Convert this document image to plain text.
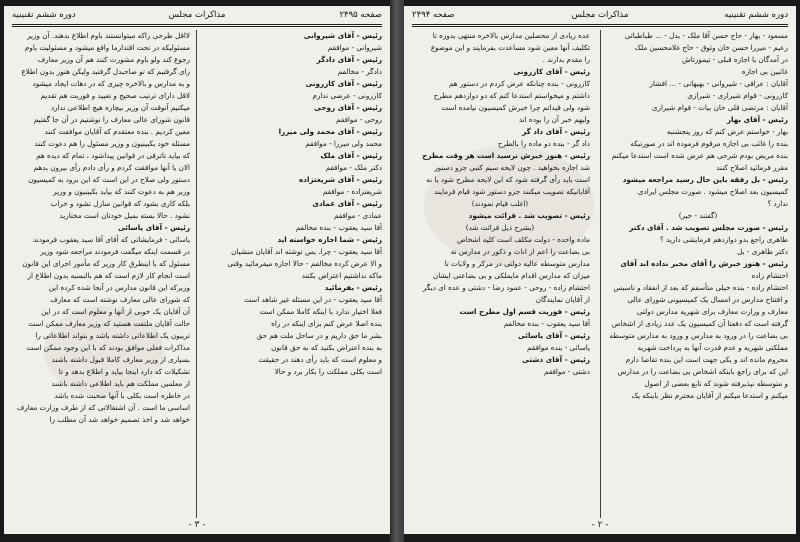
صفحه ۲۴۹۵
مذاکرات مجلس
دوره ششم تقنینیه
رئیس - آقای شیروانی
شیروانی - موافقم
رئیس - آقای دادگر
دادگر - مخالفم
رئیس - آقای کازرونی
کازرونی - عرضی ندارم
رئیس - آقای روحی
روحی - موافقم
رئیس - آقای محمد ولی میرزا
محمد ولی میرزا - موافقم
رئیس - آقای ملک
دکتر ملک - موافقم
رئیس - آقای شریعتزاده
شریعتزاده - موافقم
رئیس - آقای عمادی
عمادی - موافقم
آقا سید یعقوب - بنده مخالفم
رئیس - شما اجازه خواسته اید
آقا سید یعقوب - چرا. بس توشته اند آقایان منشیان
و الا عرض کرده مخالفم - حالا اجازه میفرمائید وقتی
ماکه نداشتیم اعتراض بکنند
رئیس - بفرمائید
آقا سید یعقوب - در این مسئله غیر شاهد است
فعلا اختیار ندارد با اینکه کاملا ممکن است
بنده اصلا عرض کنم برای اینکه در راه
بشر ما حق داریم و در ساحل ملت هم حق
به بنده اعتراض بکنید که به حق قانون
و معلوم است که باید رأی دهند در حقیقت
است بکلی مملکت را بکار برد و حالا
لااقل طرحی راکه میتوانستند باوم اطلاع بدهند. آن وزیر
مسئولیکه در تحت اقتدارما واقع میشود و مسئولیت باوم
رجوع کند ولو باوم مشورت کنند هم آن وزیر معارف
رای گرفتیم که تو صاحبدل گرفتید ولیکن هنوز بدون اطلاع
و به مدارس و بالاخره چیزی که در دهات ایجاد میشود
لاقل دارای ترتیب صحیح و تعیید و فوریت هم تقدیم
میکنیم آنوقت آن وزیر بیچاره هیچ اطلاعی ندارد
قانون شورای عالی معارف را نوشتیم در آن جا گفتیم
معین کردیم . بنده معتقدم که آقایان موافقت کنند
مسئله خود بکبینیون و وزیر مسئول را هم دعوت کنند
که بیاید تاترقی در قوانین پیداشود ، تمام که دیده هم
الان یا آنها موافقت کردم و رأی دادم رأی بیرون بدهم
دستور ولی صلاح در این است که این برود به کمیسیون
وزیر هم به دعوت کنند که بیاید بکبینیون و وزیر
بلکه کاری بشود که قوانین منازل نشود و خراب
نشود . حالا بسته بمیل خودتان است مختارید
رئیس - آقای یاسائی
یاسائی - فرمایشاتی که آقای آقا سید یعقوب فرمودند
در قسمت اینکه میگفت فرمودند مراجعه شود وزیر
مسئول که با اینطرق کار وزیر که مأمور اجرای این قانون
است انجام کار لازم است که هم بالنسبه بدون اطلاع از
وزیرکه این قانون مدارس در آنجا شده کرده این
که شورای عالی معارف نوشته است که معارف
آن آقایان یک خوبی از آنها و معلوم است که در این
حالت آقایان ملتفت هستید که وزیر معارف ممکن است
تریبون یک اطلاعاتی داشته باشد و بتواند اطلاعاتی را
مذاکرات فعلی موافق بودند که با این وجود ممکن است
بسیاری از وزیر معارف کاملا قبول داشته باشند
تشکیلات که دارد اینجا بیاید و اطلاع بدهد و تا
از معلمین مملکت هم باید اطلاعی داشته باشند
در خاطره است بکلی با آنها صحبت شده باشد
اساسی ما است . آن اشتغالاتی که از طرف وزارت معارف
خواهد شد و اخذ تصمیم خواهد شد آن مطلب را
- ۳ -
دوره ششم تقنینیه
مذاکرات مجلس
صفحه ۲۴۹۴
مسعود - بهار - حاج حسن آقا ملک - بدل - ... طباطبائی
زعیم - میرزا حسن خان وثوق - حاج غلامحسین ملک
در آمدگان با اجازه قبلی - تیمورتاش
غائبین بی اجازه
آقایان : عراقی - شیروانی - بهبهانی - ... افشار
کازرونی - قوام شیرازی - شیرازی
آقایان : مرتضی قلی خان بیات - قوام شیرازی
رئیس - آقای بهار
بهار - خواستم عرض کنم که روز پنجشنبه
بنده را غائب بی اجازه مرقوم فرموده اند در صورتیکه
بنده مریض بودم شرحی هم عرض شده است استدعا میکنم
مقرر فرمائید اصلاح کنند
رئیس - بل رفقه باین حال رسید مراجعه میشود
کمیسیون بعد اصلاح میشود . صورت مجلس ایرادی
ندارد ؟
(گفتند - خیر)
رئیس - صورت مجلس تصویب شد . آقای دکتر
طاهری راجع بدو دوازدهم فرمایشی دارید ؟
دکتر طاهری - بل
رئیس - هنوز خبرش را آقای مخبر نداده اند آقای
احتشام زاده
احتشام زاده - بنده خیلی متأسفم که بعد از انعقاد و تاسیس
و افتتاح مدارس در امسال یک کمیسیونی شورای عالی
معارف و وزارت معارف برای شهریه مدارس دولتی
گرفته است که دفعتا آن کمیسیون یک عدد زیادی از اشخاص
بی بضاعت را در ورود به مدارس و ورود به مدارس متوسطه
مملکتی شهریه و عدم قدرت آنها به پرداخت شهریه
محروم مانده اند و یکی جهت است این بنده تقاضا دارم
این که برای راجع بابتکه اشخاص بی بضاعت را در مدارس
و متوسطه نپذیرفته شوند که تابع بعضی از اصول
میکنم و استدعا میکنم از آقایان محترم نظر باینکه یک
عده زیادی از محصلین مدارس بالاخره منتهی بدوره تا
تکلیف آنها معین شود مساعدت بفرمایند و این موضوع
را مقدم بدارند .
رئیس - آقای کازرونی
کازرونی - بنده چنانکه عرض کردم در دستور هم
داشتم و میخواستم استدعا کنم که دو دوازدهم مطرح
شود ولی قیداتم چرا خبرش کمیسیون نیامده است
ولیهم خبر آن را بوده اند
رئیس - آقای داد گر
داد گر - بنده دو ماده را بالطرح
رئیس - هنوز خبرش نرسید است هر وقت مطرح
شد اجازه بخواهید . چون لایحه سیم کتبی جزو دستور
است باید رأی گرفته شود که این لایحه مطرح شود یا نه
آقایانیکه تصویب میکنند جزو دستور شود قیام فرمایند
(اغلب قیام نمودند)
رئیس - تصویب شد . قرائت میشود
(بشرح ذیل قرائت شد)
ماده واحده - دولت مکلف است کلیه اشخاص
بی بضاعت را اعم از اناث و ذکور در مدارس نه
مدارس متوسطه عالیه دولتی در مرکز و ولایات تا
میزان که مدارس اقدام مایملکی و بی بضاعتی ایشان
احتشام زاده - روحی - عمود رضا - دشتی و عده‌ ای دیگر
از آقایان نمایندگان
رئیس - فوریت قسم اول مطرح است
آقا سید یعقوب - بنده مخالفم
رئیس - آقای یاسائی
یاسائی - بنده موافقم
رئیس - آقای دشتی
دشتی - موافقم
- ۲ -
